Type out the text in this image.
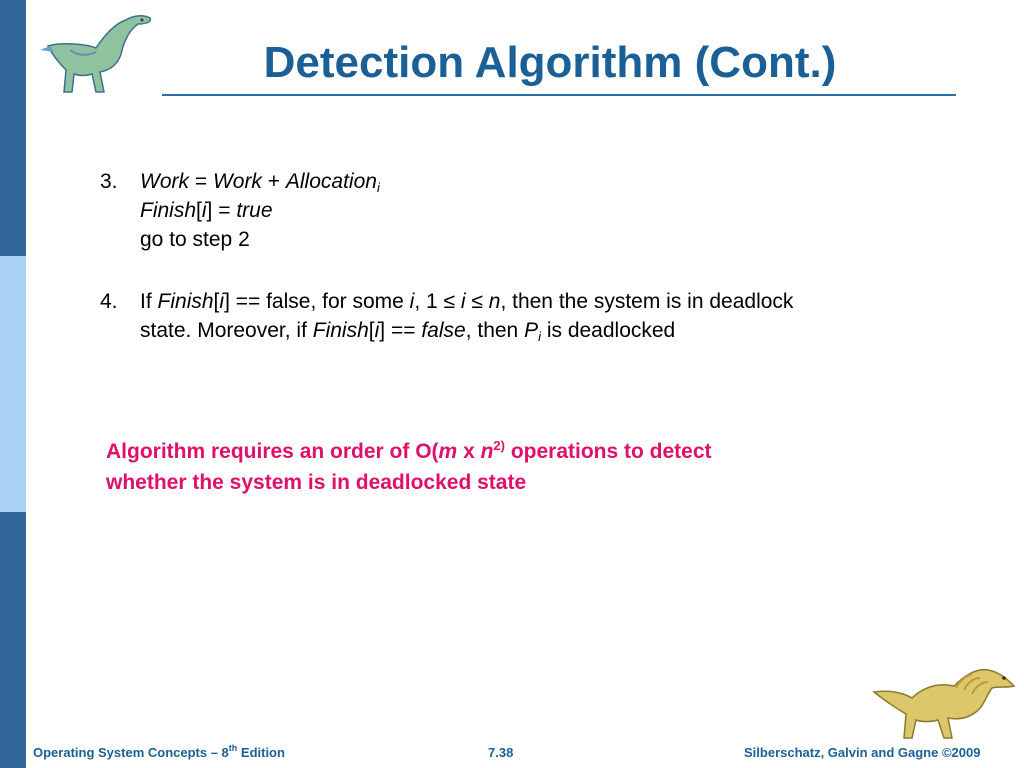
Detection Algorithm (Cont.)
3. Work = Work + Allocation$_i$
Finish[i] = true
go to step 2
4. If Finish[i] == false, for some i, 1 ≤ i ≤ n, then the system is in deadlock
state. Moreover, if Finish[i] == false, then $P_i$ is deadlocked
Algorithm requires an order of O(m x $n^{2)}$ operations to detect
whether the system is in deadlocked state
Operating System Concepts – 8th Edition	7.38	Silberschatz, Galvin and Gagne ©2009
